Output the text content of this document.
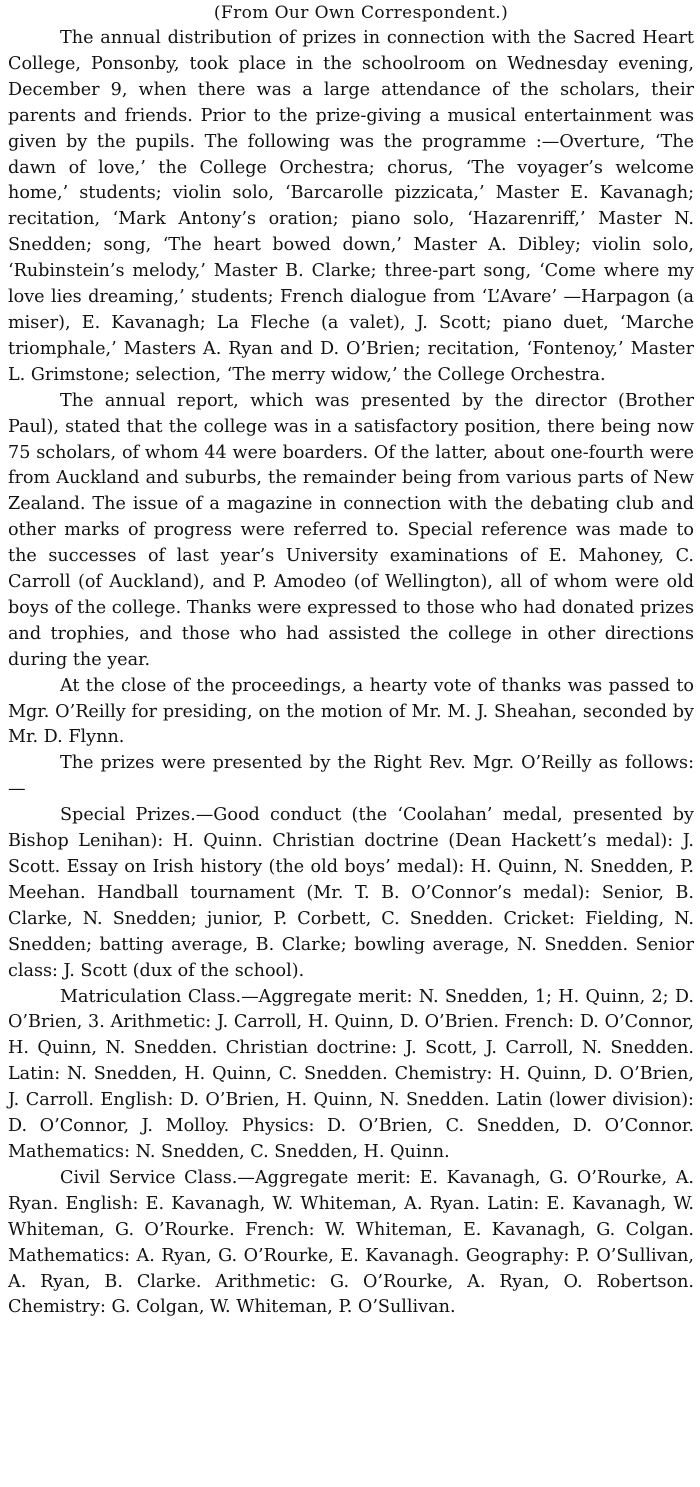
(From Our Own Correspondent.)

The annual distribution of prizes in connection with the Sacred Heart College, Ponsonby, took place in the schoolroom on Wednesday evening, December 9, when there was a large attendance of the scholars, their parents and friends. Prior to the prize-giving a musical entertainment was given by the pupils. The following was the programme :—Overture, ‘The dawn of love,’ the College Orchestra; chorus, ‘The voyager’s welcome home,’ students; violin solo, ‘Barcarolle pizzicata,’ Master E. Kavanagh; recitation, ‘Mark Antony’s oration; piano solo, ‘Hazarenriff,’ Master N. Snedden; song, ‘The heart bowed down,’ Master A. Dibley; violin solo, ‘Rubinstein’s melody,’ Master B. Clarke; three-part song, ‘Come where my love lies dreaming,’ students; French dialogue from ‘L’Avare’ —Harpagon (a miser), E. Kavanagh; La Fleche (a valet), J. Scott; piano duet, ‘Marche triomphale,’ Masters A. Ryan and D. O’Brien; recitation, ‘Fontenoy,’ Master L. Grimstone; selection, ‘The merry widow,’ the College Orchestra.

The annual report, which was presented by the director (Brother Paul), stated that the college was in a satisfactory position, there being now 75 scholars, of whom 44 were boarders. Of the latter, about one-fourth were from Auckland and suburbs, the remainder being from various parts of New Zealand. The issue of a magazine in connection with the debating club and other marks of progress were referred to. Special reference was made to the successes of last year’s University examinations of E. Mahoney, C. Carroll (of Auckland), and P. Amodeo (of Wellington), all of whom were old boys of the college. Thanks were expressed to those who had donated prizes and trophies, and those who had assisted the college in other directions during the year.

At the close of the proceedings, a hearty vote of thanks was passed to Mgr. O’Reilly for presiding, on the motion of Mr. M. J. Sheahan, seconded by Mr. D. Flynn.

The prizes were presented by the Right Rev. Mgr. O’Reilly as follows:—

Special Prizes.—Good conduct (the ‘Coolahan’ medal, presented by Bishop Lenihan): H. Quinn. Christian doctrine (Dean Hackett’s medal): J. Scott. Essay on Irish history (the old boys’ medal): H. Quinn, N. Snedden, P. Meehan. Handball tournament (Mr. T. B. O’Connor’s medal): Senior, B. Clarke, N. Snedden; junior, P. Corbett, C. Snedden. Cricket: Fielding, N. Snedden; batting average, B. Clarke; bowling average, N. Snedden. Senior class: J. Scott (dux of the school).

Matriculation Class.—Aggregate merit: N. Snedden, 1; H. Quinn, 2; D. O’Brien, 3. Arithmetic: J. Carroll, H. Quinn, D. O’Brien. French: D. O’Connor, H. Quinn, N. Snedden. Christian doctrine: J. Scott, J. Carroll, N. Snedden. Latin: N. Snedden, H. Quinn, C. Snedden. Chemistry: H. Quinn, D. O’Brien, J. Carroll. English: D. O’Brien, H. Quinn, N. Snedden. Latin (lower division): D. O’Connor, J. Molloy. Physics: D. O’Brien, C. Snedden, D. O’Connor. Mathematics: N. Snedden, C. Snedden, H. Quinn.

Civil Service Class.—Aggregate merit: E. Kavanagh, G. O’Rourke, A. Ryan. English: E. Kavanagh, W. Whiteman, A. Ryan. Latin: E. Kavanagh, W. Whiteman, G. O’Rourke. French: W. Whiteman, E. Kavanagh, G. Colgan. Mathematics: A. Ryan, G. O’Rourke, E. Kavanagh. Geography: P. O’Sullivan, A. Ryan, B. Clarke. Arithmetic: G. O’Rourke, A. Ryan, O. Robertson. Chemistry: G. Colgan, W. Whiteman, P. O’Sullivan.
